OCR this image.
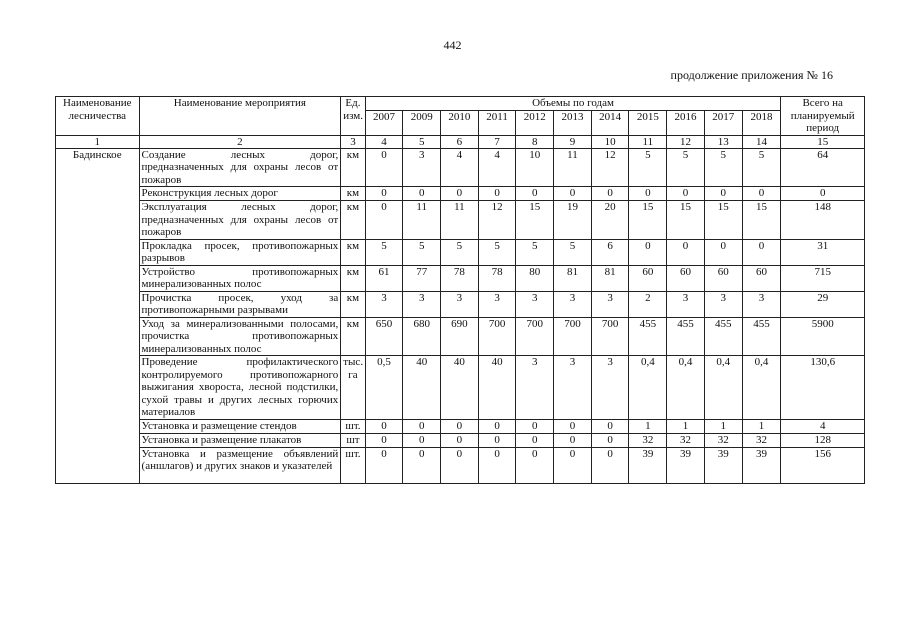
442
продолжение приложения № 16
Наименование лесничества	Наименование мероприятия	Ед. изм.	Объемы по годам											Всего на планируемый период
			2007	2009	2010	2011	2012	2013	2014	2015	2016	2017	2018	
1	2	3	4	5	6	7	8	9	10	11	12	13	14	15
Бадинское	Создание лесных дорог, предназначенных для охраны лесов от пожаров	км	0	3	4	4	10	11	12	5	5	5	5	64
	Реконструкция лесных дорог	км	0	0	0	0	0	0	0	0	0	0	0	0
	Эксплуатация лесных дорог, предназначенных для охраны лесов от пожаров	км	0	11	11	12	15	19	20	15	15	15	15	148
	Прокладка просек, противопожарных разрывов	км	5	5	5	5	5	5	6	0	0	0	0	31
	Устройство противопожарных минерализованных полос	км	61	77	78	78	80	81	81	60	60	60	60	715
	Прочистка просек, уход за противопожарными разрывами	км	3	3	3	3	3	3	3	2	3	3	3	29
	Уход за минерализованными полосами, прочистка противопожарных минерализованных полос	км	650	680	690	700	700	700	700	455	455	455	455	5900
	Проведение профилактического контролируемого противопожарного выжигания хвороста, лесной подстилки, сухой травы и других лесных горючих материалов	тыс. га	0,5	40	40	40	3	3	3	0,4	0,4	0,4	0,4	130,6
	Установка и размещение стендов	шт.	0	0	0	0	0	0	0	1	1	1	1	4
	Установка и размещение плакатов	шт	0	0	0	0	0	0	0	32	32	32	32	128
	Установка и размещение объявлений (аншлагов) и других знаков и указателей	шт.	0	0	0	0	0	0	0	39	39	39	39	156
